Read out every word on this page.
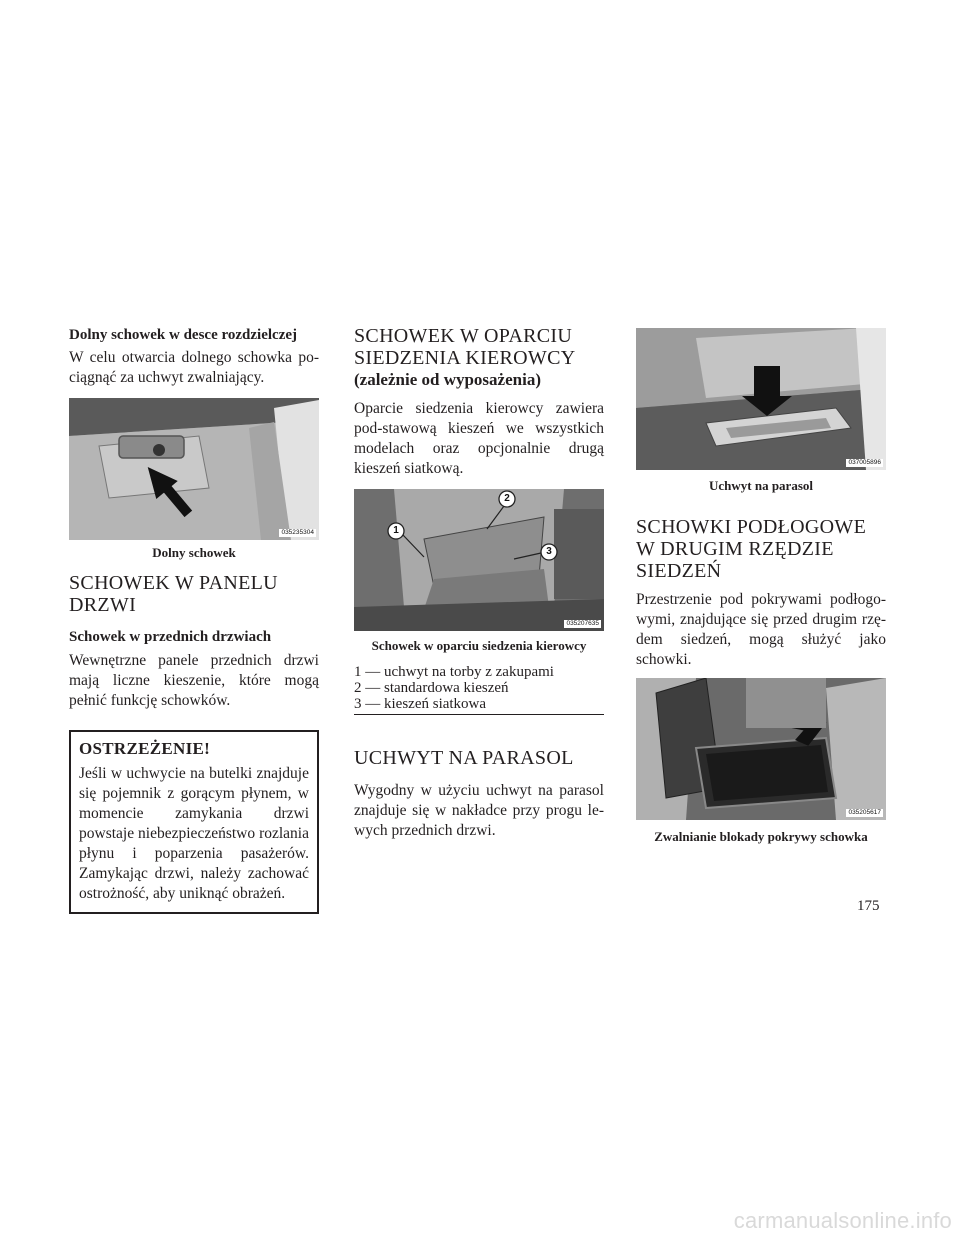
Dolny schowek w desce rozdzielczej

W celu otwarcia dolnego schowka po-ciągnąć za uchwyt zwalniający.

035235304
Dolny schowek
SCHOWEK W PANELU
DRZWI
Schowek w przednich drzwiach

Wewnętrzne panele przednich drzwi mają liczne kieszenie, które mogą pełnić funkcję schowków.

OSTRZEŻENIE!

Jeśli w uchwycie na butelki znajduje się pojemnik z gorącym płynem, w momencie zamykania drzwi powstaje niebezpieczeństwo rozlania płynu i poparzenia pasażerów. Zamykając drzwi, należy zachować ostrożność, aby uniknąć obrażeń.

SCHOWEK W OPARCIU
SIEDZENIA KIEROWCY
(zależnie od wyposażenia)

Oparcie siedzenia kierowcy zawiera pod-stawową kieszeń we wszystkich modelach oraz opcjonalnie drugą kieszeń siatkową.

1
2
3
035207635
Schowek w oparciu siedzenia kierowcy
1 — uchwyt na torby z zakupami
2 — standardowa kieszeń
3 — kieszeń siatkowa
UCHWYT NA PARASOL

Wygodny w użyciu uchwyt na parasol znajduje się w nakładce przy progu le-wych przednich drzwi.

037005896
Uchwyt na parasol
SCHOWKI PODŁOGOWE
W DRUGIM RZĘDZIE
SIEDZEŃ

Przestrzenie pod pokrywami podłogo-wymi, znajdujące się przed drugim rzę-dem siedzeń, mogą służyć jako schowki.

035205617
Zwalnianie blokady pokrywy schowka
175
carmanualsonline.info
